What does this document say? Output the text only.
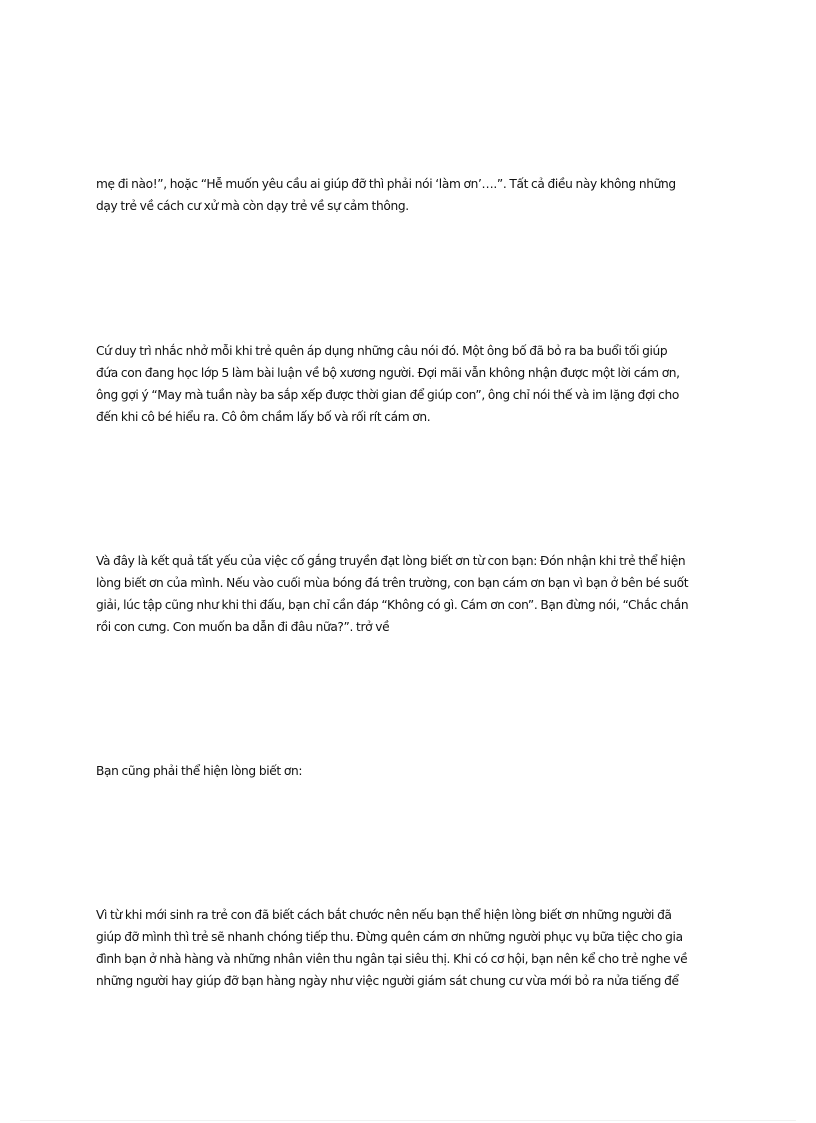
mẹ đi nào!”, hoặc “Hễ muốn yêu cầu ai giúp đỡ thì phải nói ‘làm ơn’….”. Tất cả điều này không những
dạy trẻ về cách cư xử mà còn dạy trẻ về sự cảm thông.

Cứ duy trì nhắc nhở mỗi khi trẻ quên áp dụng những câu nói đó. Một ông bố đã bỏ ra ba buổi tối giúp
đứa con đang học lớp 5 làm bài luận về bộ xương người. Đợi mãi vẫn không nhận được một lời cám ơn,
ông gợi ý “May mà tuần này ba sắp xếp được thời gian để giúp con”, ông chỉ nói thế và im lặng đợi cho
đến khi cô bé hiểu ra. Cô ôm chầm lấy bố và rối rít cám ơn.

Và đây là kết quả tất yếu của việc cố gắng truyền đạt lòng biết ơn từ con bạn: Đón nhận khi trẻ thể hiện
lòng biết ơn của mình. Nếu vào cuối mùa bóng đá trên trường, con bạn cám ơn bạn vì bạn ở bên bé suốt
giải, lúc tập cũng như khi thi đấu, bạn chỉ cần đáp “Không có gì. Cám ơn con”. Bạn đừng nói, “Chắc chắn
rồi con cưng. Con muốn ba dẫn đi đâu nữa?”. trở về

Bạn cũng phải thể hiện lòng biết ơn:

Vì từ khi mới sinh ra trẻ con đã biết cách bắt chước nên nếu bạn thể hiện lòng biết ơn những người đã
giúp đỡ mình thì trẻ sẽ nhanh chóng tiếp thu. Đừng quên cám ơn những người phục vụ bữa tiệc cho gia
đình bạn ở nhà hàng và những nhân viên thu ngân tại siêu thị. Khi có cơ hội, bạn nên kể cho trẻ nghe về
những người hay giúp đỡ bạn hàng ngày như việc người giám sát chung cư vừa mới bỏ ra nửa tiếng để
